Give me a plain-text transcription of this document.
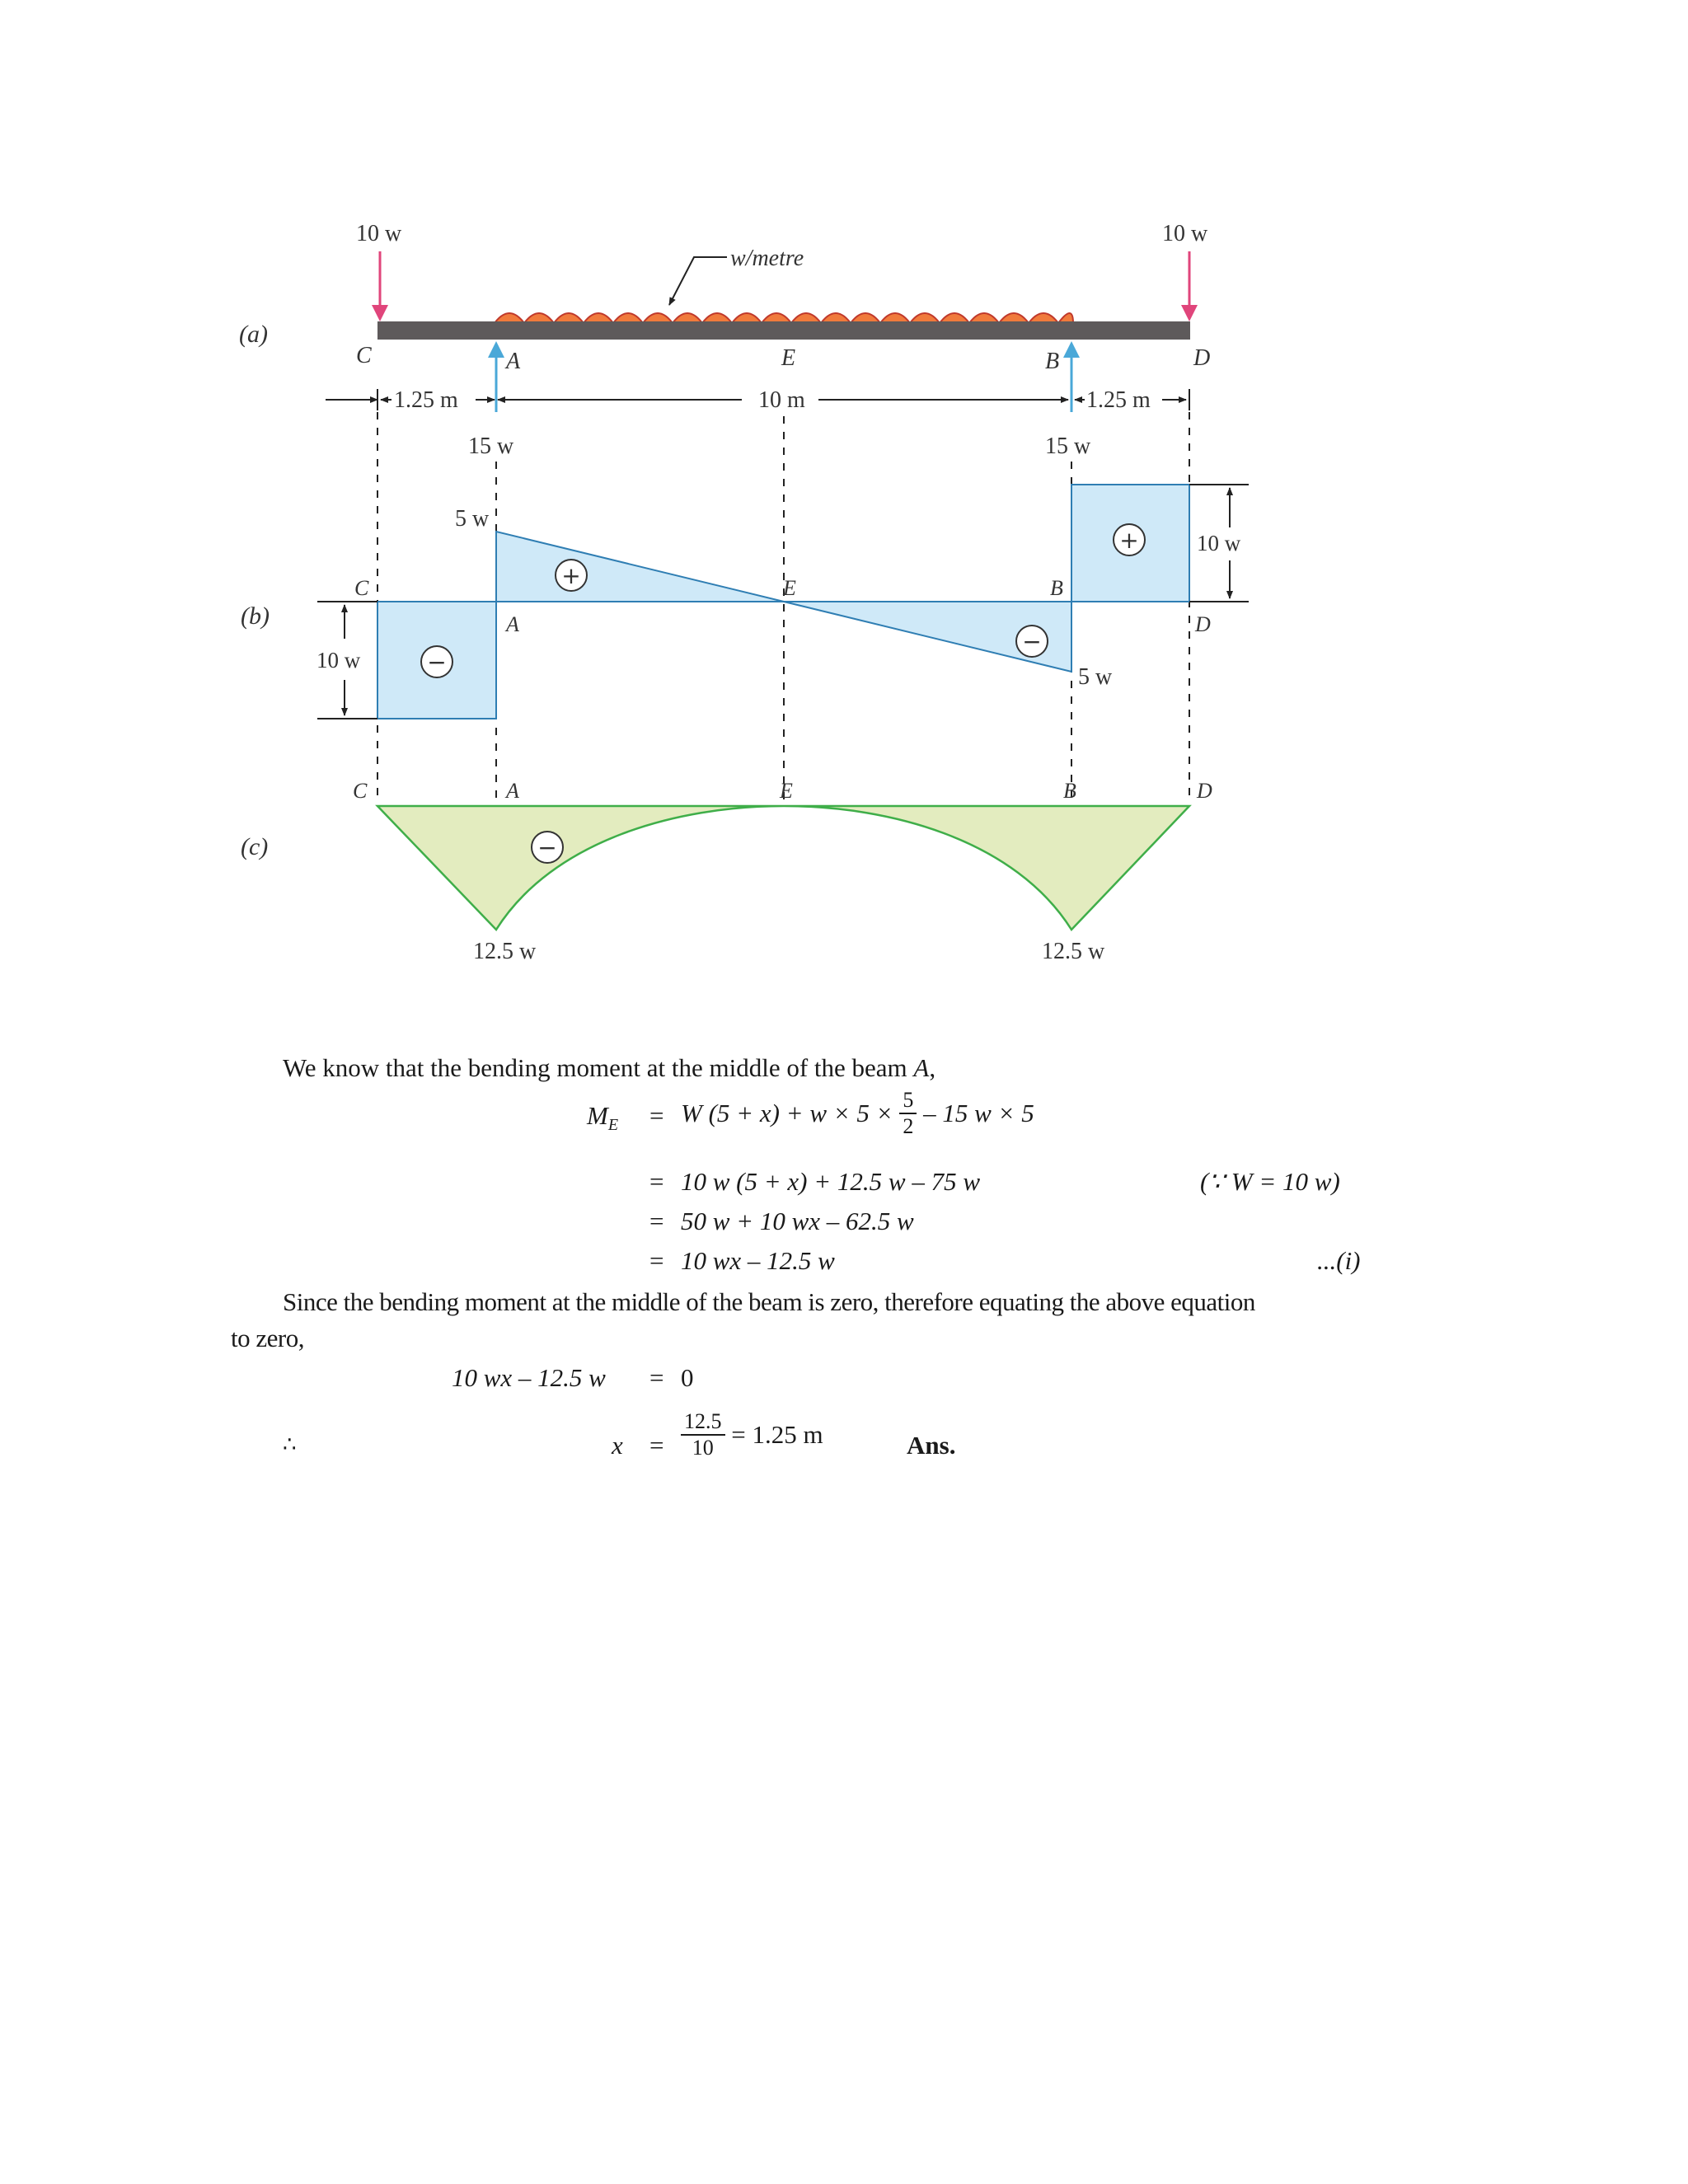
(a)
(b)
(c)
10 w	10 w
w/metre
C	A	E	B	D
1.25 m	10 m	1.25 m
15 w	15 w
+
−
−
+
C
A
E	B
D
5 w
5 w
10 w
10 w
−
C	A	E	B	D
12.5 w	12.5 w
We know that the bending moment at the middle of the beam A,
$M_E = W$ $(5 + x) + w \times 5 \times \frac{5}{2} - 15$ w × 5
= 10 w (5 + x) + 12.5 w – 75 w	(∵ W = 10 w)
= 50 w + 10 wx – 62.5 w
= 10 wx – 12.5 w	...(i)
Since the bending moment at the middle of the beam is zero, therefore equating the above equation
to zero,
10 wx – 12.5 w = 0
∴	$x = \frac{12.5}{10} = 1.25$ m	Ans.
